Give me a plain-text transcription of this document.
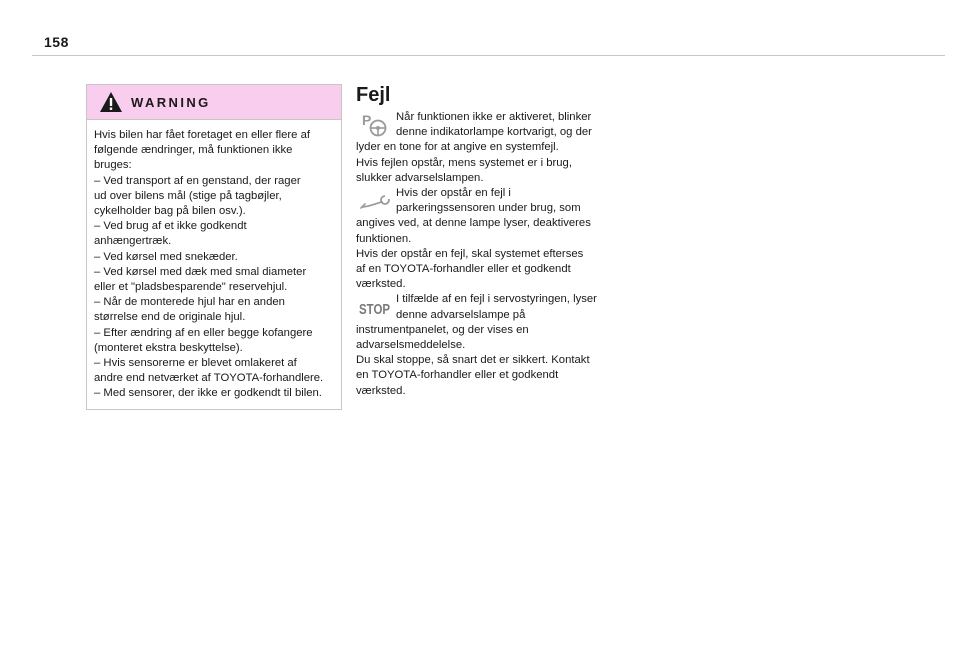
158
WARNING
Hvis bilen har fået foretaget en eller flere af
følgende ændringer, må funktionen ikke
bruges:
– Ved transport af en genstand, der rager
ud over bilens mål (stige på tagbøjler,
cykelholder bag på bilen osv.).
– Ved brug af et ikke godkendt
anhængertræk.
– Ved kørsel med snekæder.
– Ved kørsel med dæk med smal diameter
eller et "pladsbesparende" reservehjul.
– Når de monterede hjul har en anden
størrelse end de originale hjul.
– Efter ændring af en eller begge kofangere
(monteret ekstra beskyttelse).
– Hvis sensorerne er blevet omlakeret af
andre end netværket af TOYOTA-forhandlere.
– Med sensorer, der ikke er godkendt til bilen.
Fejl
P	Når funktionen ikke er aktiveret, blinker
denne indikatorlampe kortvarigt, og der
lyder en tone for at angive en systemfejl.
Hvis fejlen opstår, mens systemet er i brug,
slukker advarselslampen.
Hvis der opstår en fejl i
parkeringssensoren under brug, som
angives ved, at denne lampe lyser, deaktiveres
funktionen.
Hvis der opstår en fejl, skal systemet efterses
af en TOYOTA-forhandler eller et godkendt
værksted.
STOP
I tilfælde af en fejl i servostyringen, lyser
denne advarselslampe på
instrumentpanelet, og der vises en
advarselsmeddelelse.
Du skal stoppe, så snart det er sikkert. Kontakt
en TOYOTA-forhandler eller et godkendt
værksted.
